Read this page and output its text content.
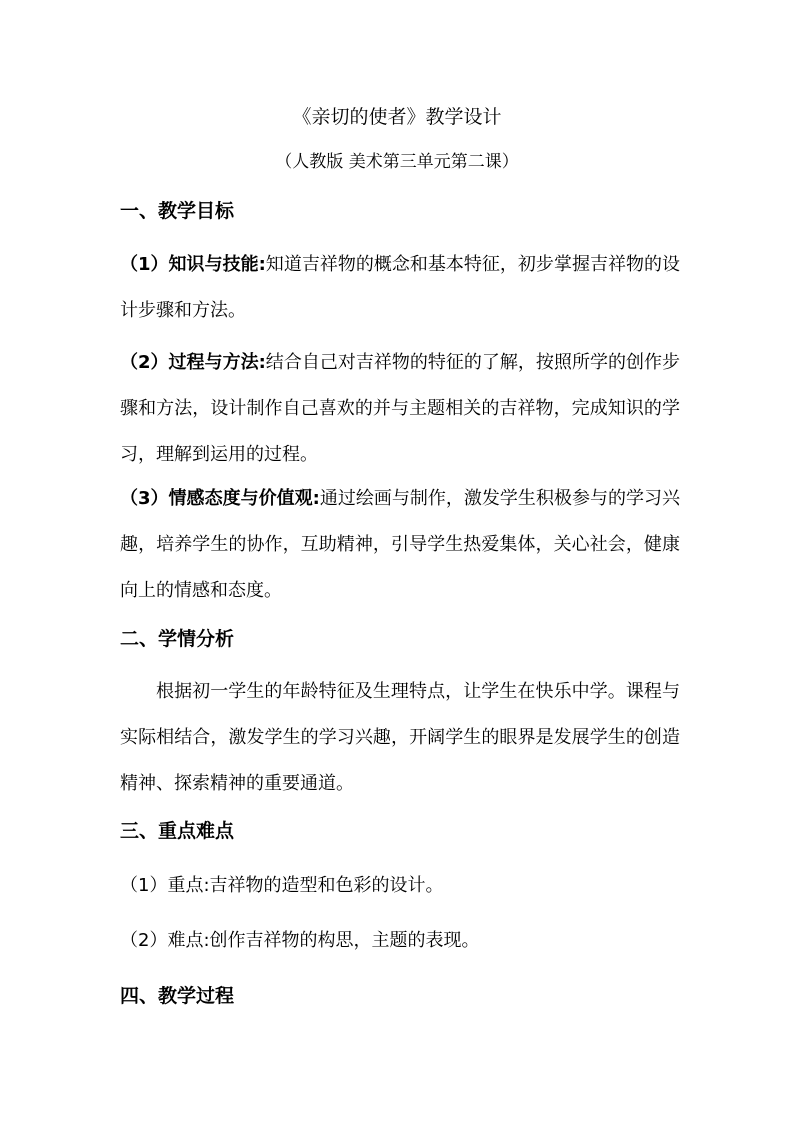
《亲切的使者》教学设计
（人教版 美术第三单元第二课）
一、教学目标
（1）知识与技能:知道吉祥物的概念和基本特征，初步掌握吉祥物的设计步骤和方法。
（2）过程与方法:结合自己对吉祥物的特征的了解，按照所学的创作步骤和方法，设计制作自己喜欢的并与主题相关的吉祥物，完成知识的学习，理解到运用的过程。
（3）情感态度与价值观:通过绘画与制作，激发学生积极参与的学习兴趣，培养学生的协作，互助精神，引导学生热爱集体，关心社会，健康向上的情感和态度。
二、学情分析
根据初一学生的年龄特征及生理特点，让学生在快乐中学。课程与实际相结合，激发学生的学习兴趣，开阔学生的眼界是发展学生的创造精神、探索精神的重要通道。
三、重点难点
（1）重点:吉祥物的造型和色彩的设计。
（2）难点:创作吉祥物的构思，主题的表现。
四、教学过程
